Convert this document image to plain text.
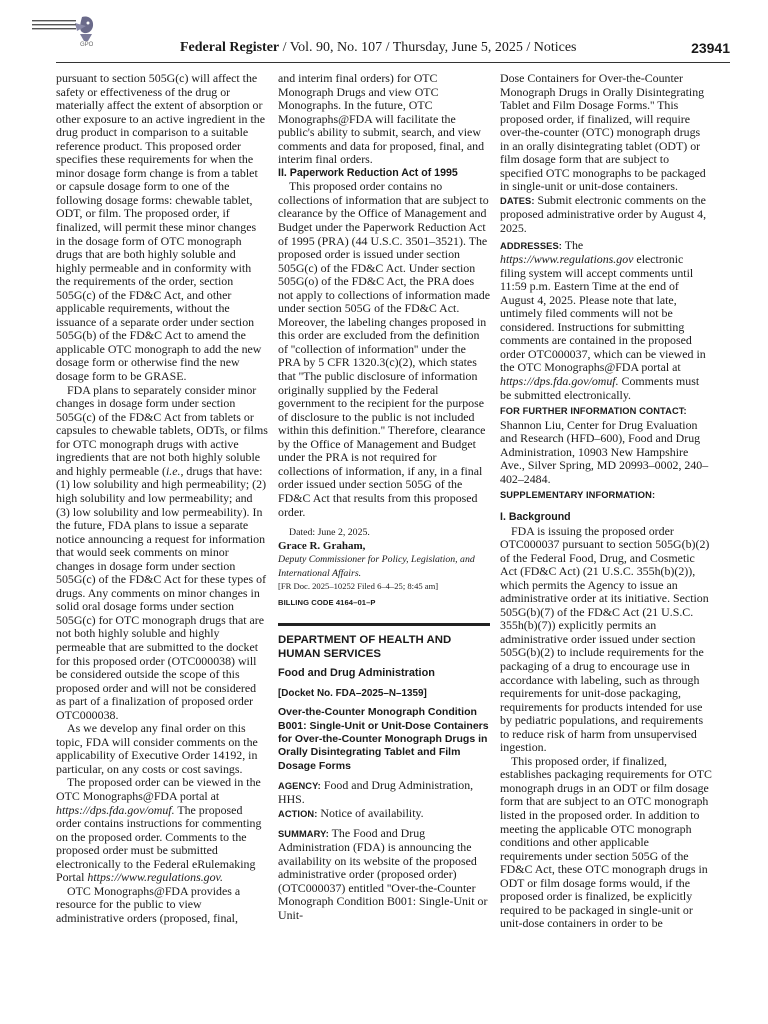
GPO	Federal Register / Vol. 90, No. 107 / Thursday, June 5, 2025 / Notices	23941

pursuant to section 505G(c) will affect the safety or effectiveness of the drug or materially affect the extent of absorption or other exposure to an active ingredient in the drug product in comparison to a suitable reference product. This proposed order specifies these requirements for when the minor dosage form change is from a tablet or capsule dosage form to one of the following dosage forms: chewable tablet, ODT, or film. The proposed order, if finalized, will permit these minor changes in the dosage form of OTC monograph drugs that are both highly soluble and highly permeable and in conformity with the requirements of the order, section 505G(c) of the FD&C Act, and other applicable requirements, without the issuance of a separate order under section 505G(b) of the FD&C Act to amend the applicable OTC monograph to add the new dosage form or otherwise find the new dosage form to be GRASE.

FDA plans to separately consider minor changes in dosage form under section 505G(c) of the FD&C Act from tablets or capsules to chewable tablets, ODTs, or films for OTC monograph drugs with active ingredients that are not both highly soluble and highly permeable (i.e., drugs that have: (1) low solubility and high permeability; (2) high solubility and low permeability; and (3) low solubility and low permeability). In the future, FDA plans to issue a separate notice announcing a request for information that would seek comments on minor changes in dosage form under section 505G(c) of the FD&C Act for these types of drugs. Any comments on minor changes in solid oral dosage forms under section 505G(c) for OTC monograph drugs that are not both highly soluble and highly permeable that are submitted to the docket for this proposed order (OTC000038) will be considered outside the scope of this proposed order and will not be considered as part of a finalization of proposed order OTC000038.

As we develop any final order on this topic, FDA will consider comments on the applicability of Executive Order 14192, in particular, on any costs or cost savings.

The proposed order can be viewed in the OTC Monographs@FDA portal at https://dps.fda.gov/omuf. The proposed order contains instructions for commenting on the proposed order. Comments to the proposed order must be submitted electronically to the Federal eRulemaking Portal https://www.regulations.gov.

OTC Monographs@FDA provides a resource for the public to view administrative orders (proposed, final,

and interim final orders) for OTC Monograph Drugs and view OTC Monographs. In the future, OTC Monographs@FDA will facilitate the public's ability to submit, search, and view comments and data for proposed, final, and interim final orders.

II. Paperwork Reduction Act of 1995

This proposed order contains no collections of information that are subject to clearance by the Office of Management and Budget under the Paperwork Reduction Act of 1995 (PRA) (44 U.S.C. 3501–3521). The proposed order is issued under section 505G(c) of the FD&C Act. Under section 505G(o) of the FD&C Act, the PRA does not apply to collections of information made under section 505G of the FD&C Act. Moreover, the labeling changes proposed in this order are excluded from the definition of ''collection of information'' under the PRA by 5 CFR 1320.3(c)(2), which states that ''The public disclosure of information originally supplied by the Federal government to the recipient for the purpose of disclosure to the public is not included within this definition.'' Therefore, clearance by the Office of Management and Budget under the PRA is not required for collections of information, if any, in a final order issued under section 505G of the FD&C Act that results from this proposed order.

Dated: June 2, 2025.

Grace R. Graham,

Deputy Commissioner for Policy, Legislation, and International Affairs.

[FR Doc. 2025–10252 Filed 6–4–25; 8:45 am]

BILLING CODE 4164–01–P

DEPARTMENT OF HEALTH AND HUMAN SERVICES

Food and Drug Administration

[Docket No. FDA–2025–N–1359]

Over-the-Counter Monograph Condition B001: Single-Unit or Unit-Dose Containers for Over-the-Counter Monograph Drugs in Orally Disintegrating Tablet and Film Dosage Forms

AGENCY: Food and Drug Administration, HHS.

ACTION: Notice of availability.

SUMMARY: The Food and Drug Administration (FDA) is announcing the availability on its website of the proposed administrative order (proposed order) (OTC000037) entitled ''Over-the-Counter Monograph Condition B001: Single-Unit or Unit-

Dose Containers for Over-the-Counter Monograph Drugs in Orally Disintegrating Tablet and Film Dosage Forms.'' This proposed order, if finalized, will require over-the-counter (OTC) monograph drugs in an orally disintegrating tablet (ODT) or film dosage form that are subject to specified OTC monographs to be packaged in single-unit or unit-dose containers.

DATES: Submit electronic comments on the proposed administrative order by August 4, 2025.

ADDRESSES: The https://www.regulations.gov electronic filing system will accept comments until 11:59 p.m. Eastern Time at the end of August 4, 2025. Please note that late, untimely filed comments will not be considered. Instructions for submitting comments are contained in the proposed order OTC000037, which can be viewed in the OTC Monographs@FDA portal at https://dps.fda.gov/omuf. Comments must be submitted electronically.

FOR FURTHER INFORMATION CONTACT:

Shannon Liu, Center for Drug Evaluation and Research (HFD–600), Food and Drug Administration, 10903 New Hampshire Ave., Silver Spring, MD 20993–0002, 240–402–2484.

SUPPLEMENTARY INFORMATION:

I. Background

FDA is issuing the proposed order OTC000037 pursuant to section 505G(b)(2) of the Federal Food, Drug, and Cosmetic Act (FD&C Act) (21 U.S.C. 355h(b)(2)), which permits the Agency to issue an administrative order at its initiative. Section 505G(b)(7) of the FD&C Act (21 U.S.C. 355h(b)(7)) explicitly permits an administrative order issued under section 505G(b)(2) to include requirements for the packaging of a drug to encourage use in accordance with labeling, such as through requirements for unit-dose packaging, requirements for products intended for use by pediatric populations, and requirements to reduce risk of harm from unsupervised ingestion.

This proposed order, if finalized, establishes packaging requirements for OTC monograph drugs in an ODT or film dosage form that are subject to an OTC monograph listed in the proposed order. In addition to meeting the applicable OTC monograph conditions and other applicable requirements under section 505G of the FD&C Act, these OTC monograph drugs in ODT or film dosage forms would, if the proposed order is finalized, be explicitly required to be packaged in single-unit or unit-dose containers in order to be
